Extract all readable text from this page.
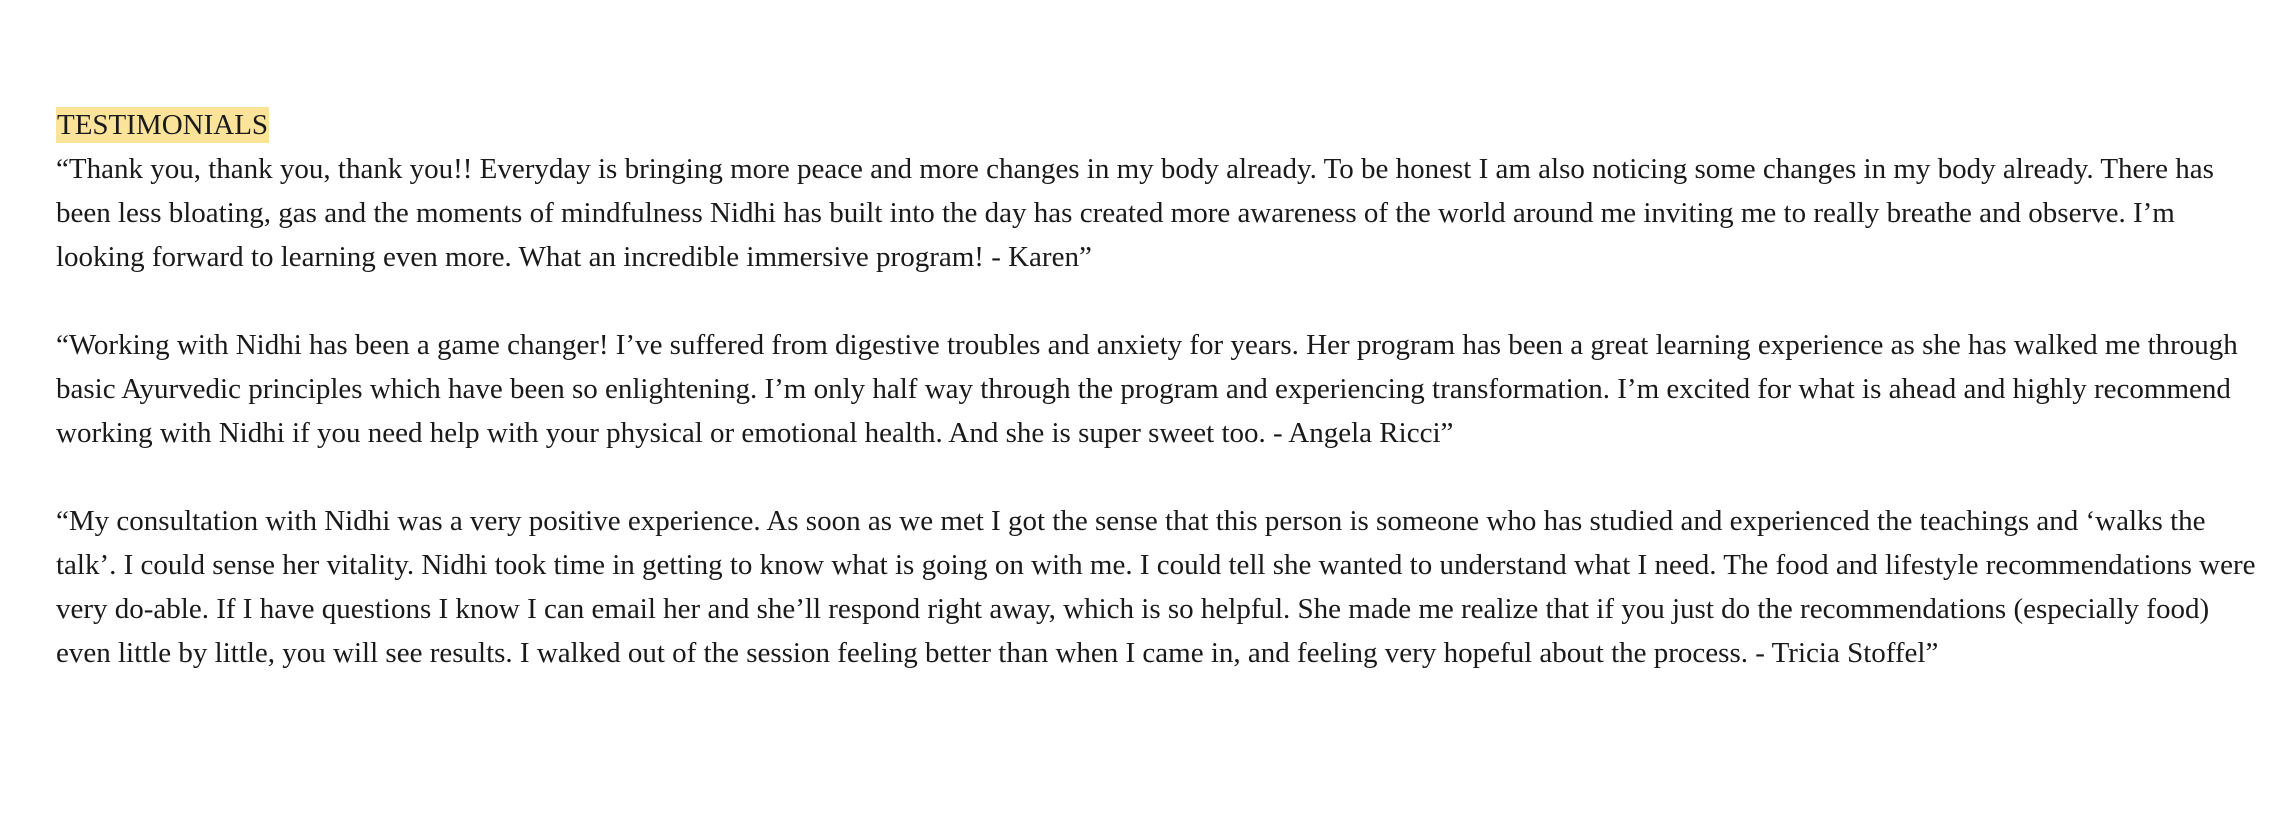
TESTIMONIALS

“Thank you, thank you, thank you!! Everyday is bringing more peace and more changes in my body already. To be honest I am also noticing some changes in my body already. There has been less bloating, gas and the moments of mindfulness Nidhi has built into the day has created more awareness of the world around me inviting me to really breathe and observe. I’m looking forward to learning even more. What an incredible immersive program! - Karen”

“Working with Nidhi has been a game changer! I’ve suffered from digestive troubles and anxiety for years. Her program has been a great learning experience as she has walked me through basic Ayurvedic principles which have been so enlightening. I’m only half way through the program and experiencing transformation. I’m excited for what is ahead and highly recommend working with Nidhi if you need help with your physical or emotional health. And she is super sweet too. - Angela Ricci”

“My consultation with Nidhi was a very positive experience. As soon as we met I got the sense that this person is someone who has studied and experienced the teachings and ‘walks the talk’. I could sense her vitality. Nidhi took time in getting to know what is going on with me. I could tell she wanted to understand what I need. The food and lifestyle recommendations were very do-able. If I have questions I know I can email her and she’ll respond right away, which is so helpful. She made me realize that if you just do the recommendations (especially food) even little by little, you will see results. I walked out of the session feeling better than when I came in, and feeling very hopeful about the process. - Tricia Stoffel”
